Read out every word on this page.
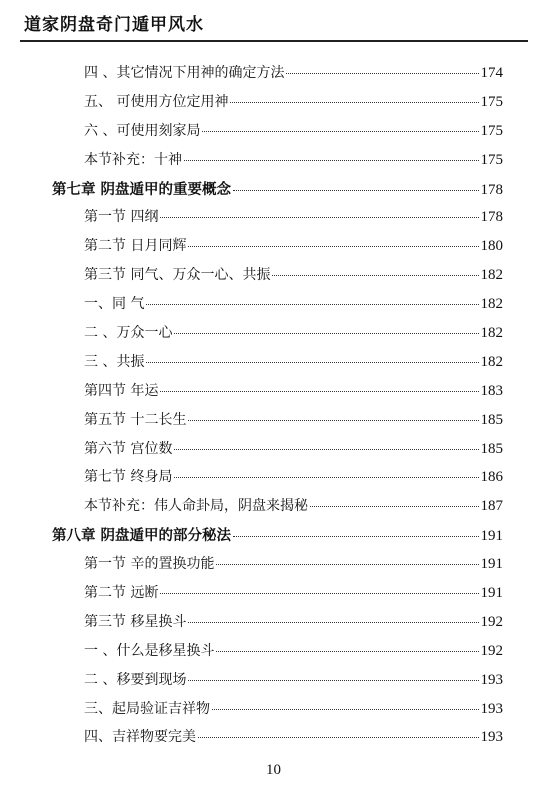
道家阴盘奇门遁甲风水
四 、其它情况下用神的确定方法	174
五、 可使用方位定用神	175
六 、可使用刻家局	175
本节补充：十神	175
第七章 阴盘遁甲的重要概念	178
第一节 四纲	178
第二节 日月同辉	180
第三节 同气、万众一心、共振	182
一、同 气	182
二 、万众一心	182
三 、共振	182
第四节 年运	183
第五节 十二长生	185
第六节 宫位数	185
第七节 终身局	186
本节补充：伟人命卦局，阴盘来揭秘	187
第八章 阴盘遁甲的部分秘法	191
第一节 辛的置换功能	191
第二节 远断	191
第三节 移星换斗	192
一 、什么是移星换斗	192
二 、移要到现场	193
三、起局验证吉祥物	193
四、吉祥物要完美	193
10
